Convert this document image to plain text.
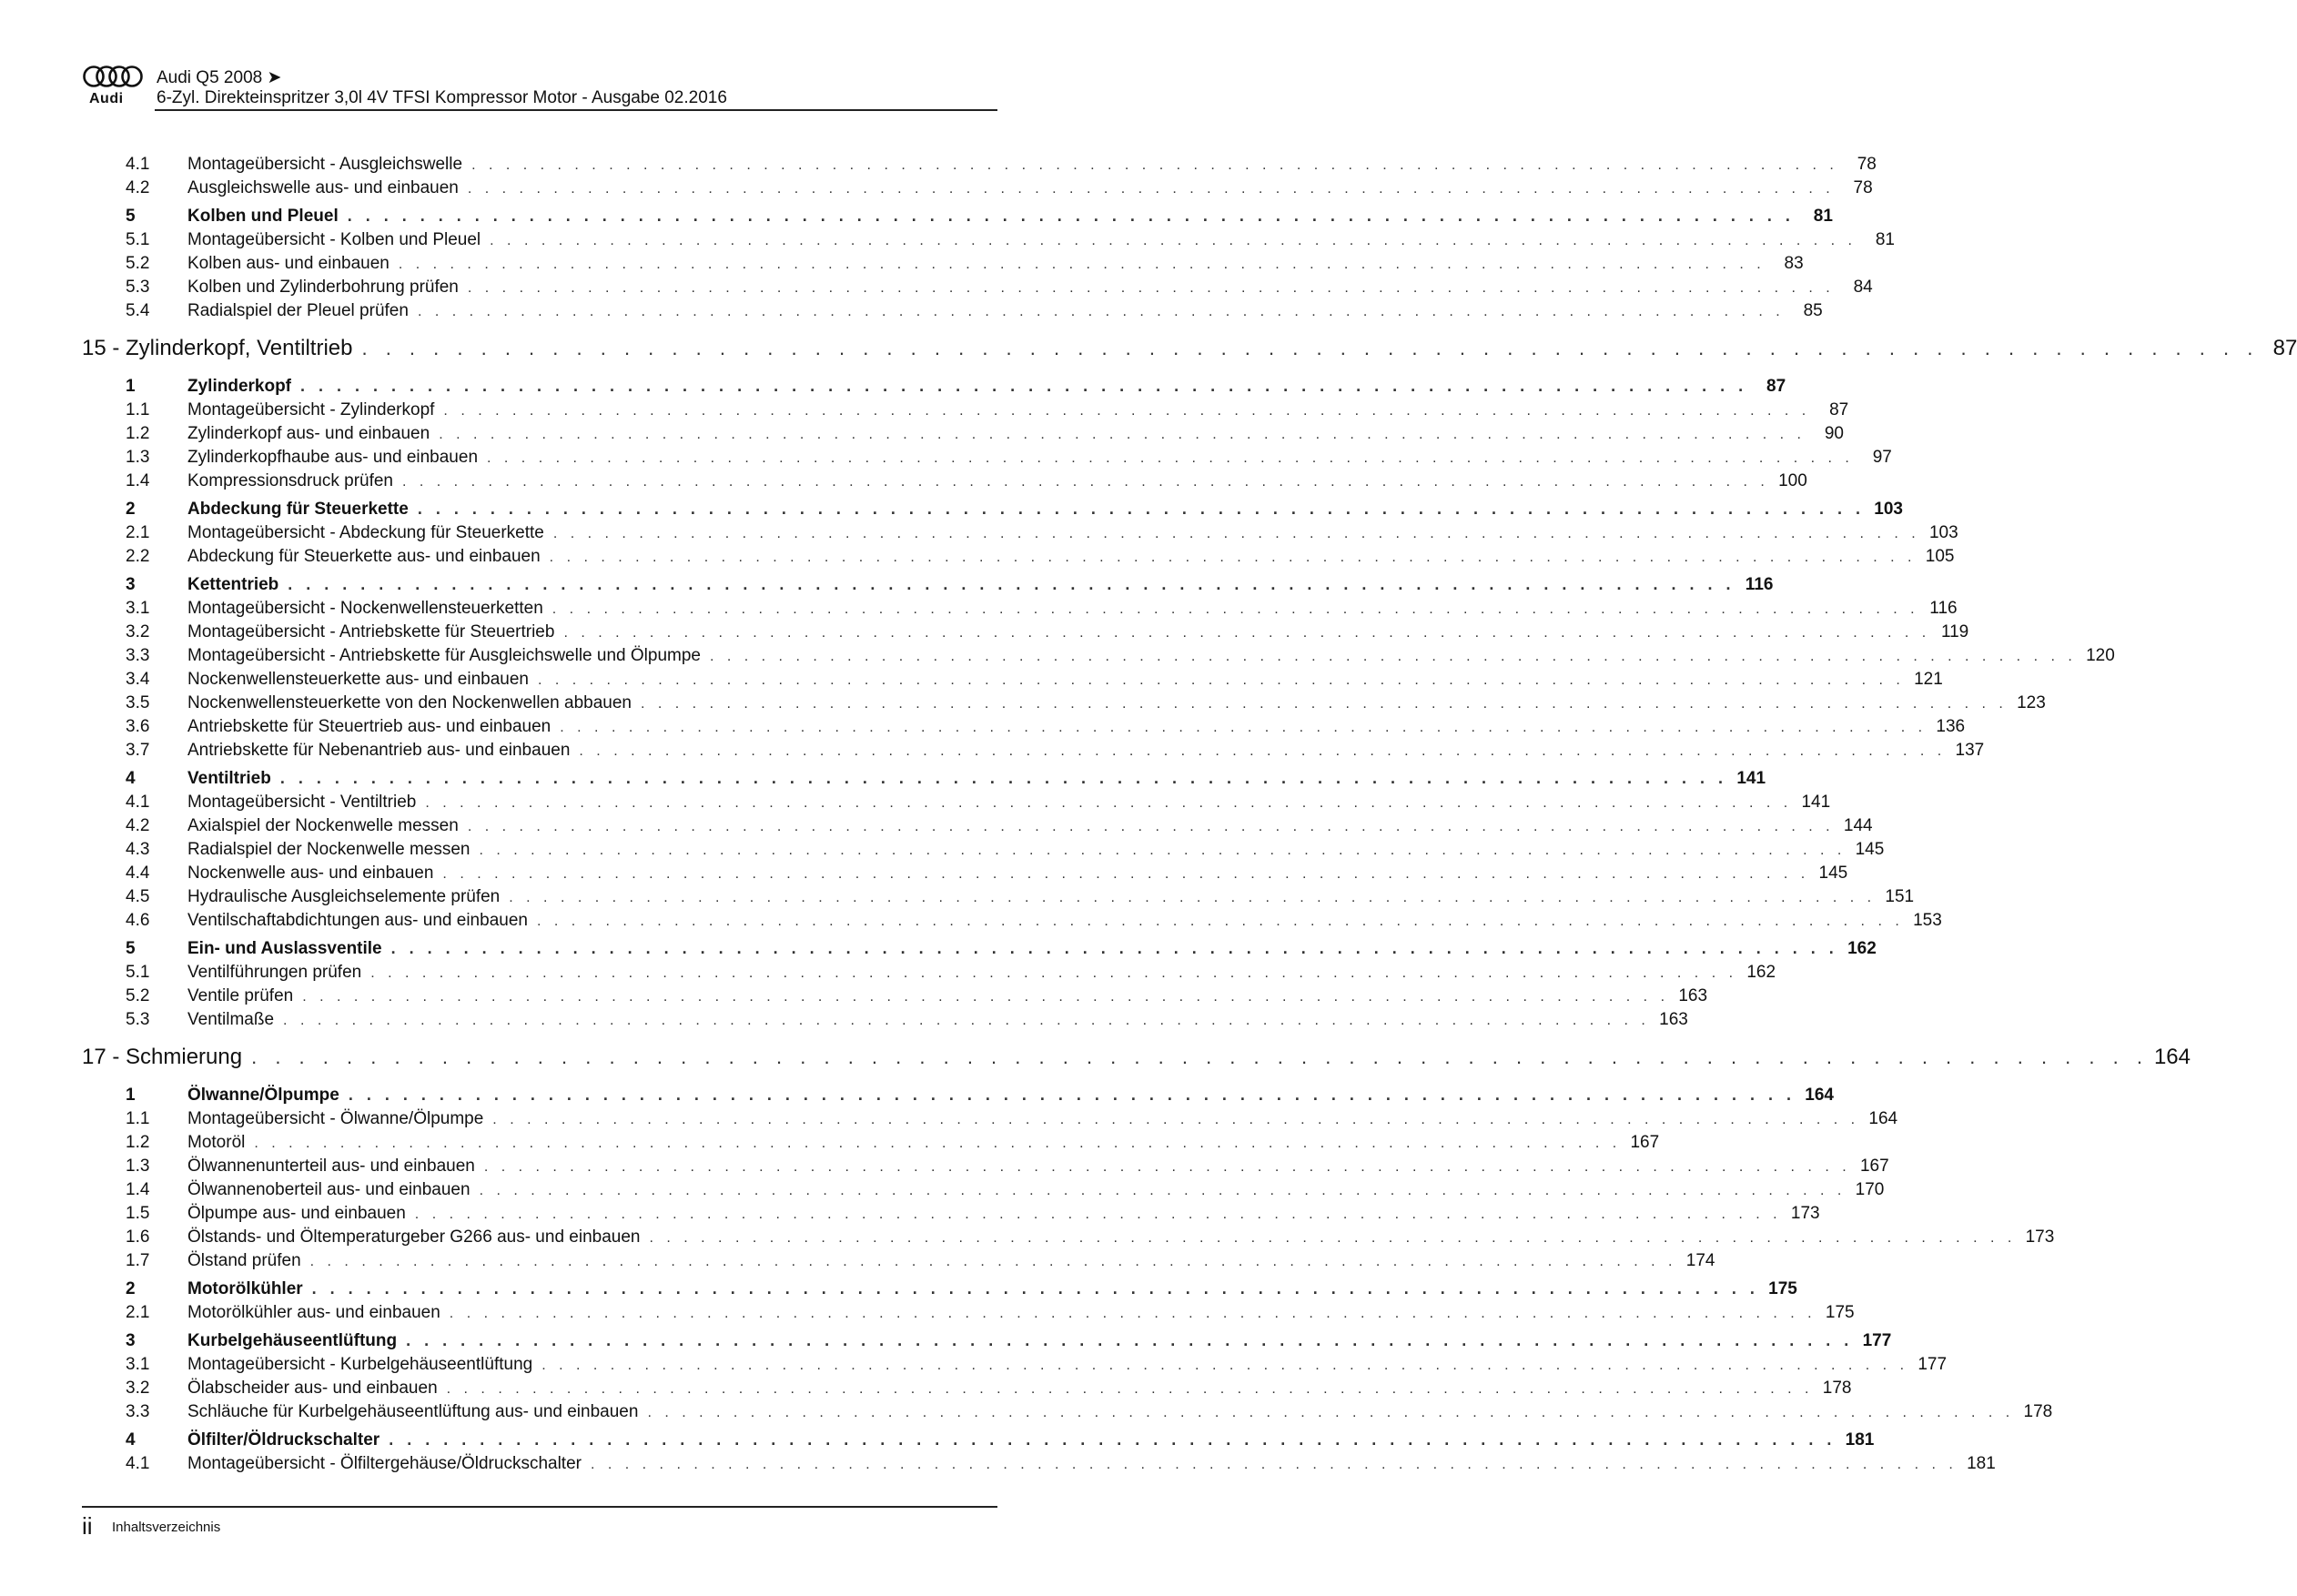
Audi
Audi Q5 2008 ➤
6-Zyl. Direkteinspritzer 3,0l 4V TFSI Kompressor Motor - Ausgabe 02.2016
4.1	Montageübersicht - Ausgleichswelle . . . . . . . . . . . . . . . . . . . . . . . . . . . . . . . . . . . . . . . . . . . . . . . . . . . . . . . . . . . . . . . . . . . . . . . . . . . . . . . .	78
4.2	Ausgleichswelle aus- und einbauen . . . . . . . . . . . . . . . . . . . . . . . . . . . . . . . . . . . . . . . . . . . . . . . . . . . . . . . . . . . . . . . . . . . . . . . . . . . . . . . .	78
5	Kolben und Pleuel . . . . . . . . . . . . . . . . . . . . . . . . . . . . . . . . . . . . . . . . . . . . . . . . . . . . . . . . . . . . . . . . . . . . . . . . . . . . . . . .	81
5.1	Montageübersicht - Kolben und Pleuel . . . . . . . . . . . . . . . . . . . . . . . . . . . . . . . . . . . . . . . . . . . . . . . . . . . . . . . . . . . . . . . . . . . . . . . . . . . . . . . .	81
5.2	Kolben aus- und einbauen . . . . . . . . . . . . . . . . . . . . . . . . . . . . . . . . . . . . . . . . . . . . . . . . . . . . . . . . . . . . . . . . . . . . . . . . . . . . . . . .	83
5.3	Kolben und Zylinderbohrung prüfen . . . . . . . . . . . . . . . . . . . . . . . . . . . . . . . . . . . . . . . . . . . . . . . . . . . . . . . . . . . . . . . . . . . . . . . . . . . . . . . .	84
5.4	Radialspiel der Pleuel prüfen . . . . . . . . . . . . . . . . . . . . . . . . . . . . . . . . . . . . . . . . . . . . . . . . . . . . . . . . . . . . . . . . . . . . . . . . . . . . . . . .	85
15 - Zylinderkopf, Ventiltrieb . . . . . . . . . . . . . . . . . . . . . . . . . . . . . . . . . . . . . . . . . . . . . . . . . . . . . . . . . . . . . . . . . . . . . . . . . . . . . . . . 87
1	Zylinderkopf . . . . . . . . . . . . . . . . . . . . . . . . . . . . . . . . . . . . . . . . . . . . . . . . . . . . . . . . . . . . . . . . . . . . . . . . . . . . . . . .	87
1.1	Montageübersicht - Zylinderkopf . . . . . . . . . . . . . . . . . . . . . . . . . . . . . . . . . . . . . . . . . . . . . . . . . . . . . . . . . . . . . . . . . . . . . . . . . . . . . . . .	87
1.2	Zylinderkopf aus- und einbauen . . . . . . . . . . . . . . . . . . . . . . . . . . . . . . . . . . . . . . . . . . . . . . . . . . . . . . . . . . . . . . . . . . . . . . . . . . . . . . . .	90
1.3	Zylinderkopfhaube aus- und einbauen . . . . . . . . . . . . . . . . . . . . . . . . . . . . . . . . . . . . . . . . . . . . . . . . . . . . . . . . . . . . . . . . . . . . . . . . . . . . . . . .	97
1.4	Kompressionsdruck prüfen . . . . . . . . . . . . . . . . . . . . . . . . . . . . . . . . . . . . . . . . . . . . . . . . . . . . . . . . . . . . . . . . . . . . . . . . . . . . . . . . 100
2	Abdeckung für Steuerkette . . . . . . . . . . . . . . . . . . . . . . . . . . . . . . . . . . . . . . . . . . . . . . . . . . . . . . . . . . . . . . . . . . . . . . . . . . . . . . . . 103
2.1	Montageübersicht - Abdeckung für Steuerkette . . . . . . . . . . . . . . . . . . . . . . . . . . . . . . . . . . . . . . . . . . . . . . . . . . . . . . . . . . . . . . . . . . . . . . . . . . . . . . . . 103
2.2	Abdeckung für Steuerkette aus- und einbauen . . . . . . . . . . . . . . . . . . . . . . . . . . . . . . . . . . . . . . . . . . . . . . . . . . . . . . . . . . . . . . . . . . . . . . . . . . . . . . . . 105
3	Kettentrieb . . . . . . . . . . . . . . . . . . . . . . . . . . . . . . . . . . . . . . . . . . . . . . . . . . . . . . . . . . . . . . . . . . . . . . . . . . . . . . . . 116
3.1	Montageübersicht - Nockenwellensteuerketten . . . . . . . . . . . . . . . . . . . . . . . . . . . . . . . . . . . . . . . . . . . . . . . . . . . . . . . . . . . . . . . . . . . . . . . . . . . . . . . . 116
3.2	Montageübersicht - Antriebskette für Steuertrieb . . . . . . . . . . . . . . . . . . . . . . . . . . . . . . . . . . . . . . . . . . . . . . . . . . . . . . . . . . . . . . . . . . . . . . . . . . . . . . . . 119
3.3	Montageübersicht - Antriebskette für Ausgleichswelle und Ölpumpe . . . . . . . . . . . . . . . . . . . . . . . . . . . . . . . . . . . . . . . . . . . . . . . . . . . . . . . . . . . . . . . . . . . . . . . . . . . . . . . . 120
3.4	Nockenwellensteuerkette aus- und einbauen . . . . . . . . . . . . . . . . . . . . . . . . . . . . . . . . . . . . . . . . . . . . . . . . . . . . . . . . . . . . . . . . . . . . . . . . . . . . . . . . 121
3.5	Nockenwellensteuerkette von den Nockenwellen abbauen . . . . . . . . . . . . . . . . . . . . . . . . . . . . . . . . . . . . . . . . . . . . . . . . . . . . . . . . . . . . . . . . . . . . . . . . . . . . . . . . 123
3.6	Antriebskette für Steuertrieb aus- und einbauen . . . . . . . . . . . . . . . . . . . . . . . . . . . . . . . . . . . . . . . . . . . . . . . . . . . . . . . . . . . . . . . . . . . . . . . . . . . . . . . . 136
3.7	Antriebskette für Nebenantrieb aus- und einbauen . . . . . . . . . . . . . . . . . . . . . . . . . . . . . . . . . . . . . . . . . . . . . . . . . . . . . . . . . . . . . . . . . . . . . . . . . . . . . . . . 137
4	Ventiltrieb . . . . . . . . . . . . . . . . . . . . . . . . . . . . . . . . . . . . . . . . . . . . . . . . . . . . . . . . . . . . . . . . . . . . . . . . . . . . . . . . 141
4.1	Montageübersicht - Ventiltrieb . . . . . . . . . . . . . . . . . . . . . . . . . . . . . . . . . . . . . . . . . . . . . . . . . . . . . . . . . . . . . . . . . . . . . . . . . . . . . . . . 141
4.2	Axialspiel der Nockenwelle messen . . . . . . . . . . . . . . . . . . . . . . . . . . . . . . . . . . . . . . . . . . . . . . . . . . . . . . . . . . . . . . . . . . . . . . . . . . . . . . . . 144
4.3	Radialspiel der Nockenwelle messen . . . . . . . . . . . . . . . . . . . . . . . . . . . . . . . . . . . . . . . . . . . . . . . . . . . . . . . . . . . . . . . . . . . . . . . . . . . . . . . . 145
4.4	Nockenwelle aus- und einbauen . . . . . . . . . . . . . . . . . . . . . . . . . . . . . . . . . . . . . . . . . . . . . . . . . . . . . . . . . . . . . . . . . . . . . . . . . . . . . . . . 145
4.5	Hydraulische Ausgleichselemente prüfen . . . . . . . . . . . . . . . . . . . . . . . . . . . . . . . . . . . . . . . . . . . . . . . . . . . . . . . . . . . . . . . . . . . . . . . . . . . . . . . . 151
4.6	Ventilschaftabdichtungen aus- und einbauen . . . . . . . . . . . . . . . . . . . . . . . . . . . . . . . . . . . . . . . . . . . . . . . . . . . . . . . . . . . . . . . . . . . . . . . . . . . . . . . . 153
5	Ein- und Auslassventile . . . . . . . . . . . . . . . . . . . . . . . . . . . . . . . . . . . . . . . . . . . . . . . . . . . . . . . . . . . . . . . . . . . . . . . . . . . . . . . . 162
5.1	Ventilführungen prüfen . . . . . . . . . . . . . . . . . . . . . . . . . . . . . . . . . . . . . . . . . . . . . . . . . . . . . . . . . . . . . . . . . . . . . . . . . . . . . . . . 162
5.2	Ventile prüfen . . . . . . . . . . . . . . . . . . . . . . . . . . . . . . . . . . . . . . . . . . . . . . . . . . . . . . . . . . . . . . . . . . . . . . . . . . . . . . . . 163
5.3	Ventilmaße . . . . . . . . . . . . . . . . . . . . . . . . . . . . . . . . . . . . . . . . . . . . . . . . . . . . . . . . . . . . . . . . . . . . . . . . . . . . . . . . 163
17 - Schmierung . . . . . . . . . . . . . . . . . . . . . . . . . . . . . . . . . . . . . . . . . . . . . . . . . . . . . . . . . . . . . . . . . . . . . . . . . . . . . . . . 164
1	Ölwanne/Ölpumpe . . . . . . . . . . . . . . . . . . . . . . . . . . . . . . . . . . . . . . . . . . . . . . . . . . . . . . . . . . . . . . . . . . . . . . . . . . . . . . . . 164
1.1	Montageübersicht - Ölwanne/Ölpumpe . . . . . . . . . . . . . . . . . . . . . . . . . . . . . . . . . . . . . . . . . . . . . . . . . . . . . . . . . . . . . . . . . . . . . . . . . . . . . . . . 164
1.2	Motoröl . . . . . . . . . . . . . . . . . . . . . . . . . . . . . . . . . . . . . . . . . . . . . . . . . . . . . . . . . . . . . . . . . . . . . . . . . . . . . . . . 167
1.3	Ölwannenunterteil aus- und einbauen . . . . . . . . . . . . . . . . . . . . . . . . . . . . . . . . . . . . . . . . . . . . . . . . . . . . . . . . . . . . . . . . . . . . . . . . . . . . . . . . 167
1.4	Ölwannenoberteil aus- und einbauen . . . . . . . . . . . . . . . . . . . . . . . . . . . . . . . . . . . . . . . . . . . . . . . . . . . . . . . . . . . . . . . . . . . . . . . . . . . . . . . . 170
1.5	Ölpumpe aus- und einbauen . . . . . . . . . . . . . . . . . . . . . . . . . . . . . . . . . . . . . . . . . . . . . . . . . . . . . . . . . . . . . . . . . . . . . . . . . . . . . . . . 173
1.6	Ölstands- und Öltemperaturgeber G266 aus- und einbauen . . . . . . . . . . . . . . . . . . . . . . . . . . . . . . . . . . . . . . . . . . . . . . . . . . . . . . . . . . . . . . . . . . . . . . . . . . . . . . . . 173
1.7	Ölstand prüfen . . . . . . . . . . . . . . . . . . . . . . . . . . . . . . . . . . . . . . . . . . . . . . . . . . . . . . . . . . . . . . . . . . . . . . . . . . . . . . . . 174
2	Motorölkühler . . . . . . . . . . . . . . . . . . . . . . . . . . . . . . . . . . . . . . . . . . . . . . . . . . . . . . . . . . . . . . . . . . . . . . . . . . . . . . . . 175
2.1	Motorölkühler aus- und einbauen . . . . . . . . . . . . . . . . . . . . . . . . . . . . . . . . . . . . . . . . . . . . . . . . . . . . . . . . . . . . . . . . . . . . . . . . . . . . . . . . 175
3	Kurbelgehäuseentlüftung . . . . . . . . . . . . . . . . . . . . . . . . . . . . . . . . . . . . . . . . . . . . . . . . . . . . . . . . . . . . . . . . . . . . . . . . . . . . . . . . 177
3.1	Montageübersicht - Kurbelgehäuseentlüftung . . . . . . . . . . . . . . . . . . . . . . . . . . . . . . . . . . . . . . . . . . . . . . . . . . . . . . . . . . . . . . . . . . . . . . . . . . . . . . . . 177
3.2	Ölabscheider aus- und einbauen . . . . . . . . . . . . . . . . . . . . . . . . . . . . . . . . . . . . . . . . . . . . . . . . . . . . . . . . . . . . . . . . . . . . . . . . . . . . . . . . 178
3.3	Schläuche für Kurbelgehäuseentlüftung aus- und einbauen . . . . . . . . . . . . . . . . . . . . . . . . . . . . . . . . . . . . . . . . . . . . . . . . . . . . . . . . . . . . . . . . . . . . . . . . . . . . . . . . 178
4	Ölfilter/Öldruckschalter . . . . . . . . . . . . . . . . . . . . . . . . . . . . . . . . . . . . . . . . . . . . . . . . . . . . . . . . . . . . . . . . . . . . . . . . . . . . . . . . 181
4.1	Montageübersicht - Ölfiltergehäuse/Öldruckschalter . . . . . . . . . . . . . . . . . . . . . . . . . . . . . . . . . . . . . . . . . . . . . . . . . . . . . . . . . . . . . . . . . . . . . . . . . . . . . . . . 181
ii Inhaltsverzeichnis
